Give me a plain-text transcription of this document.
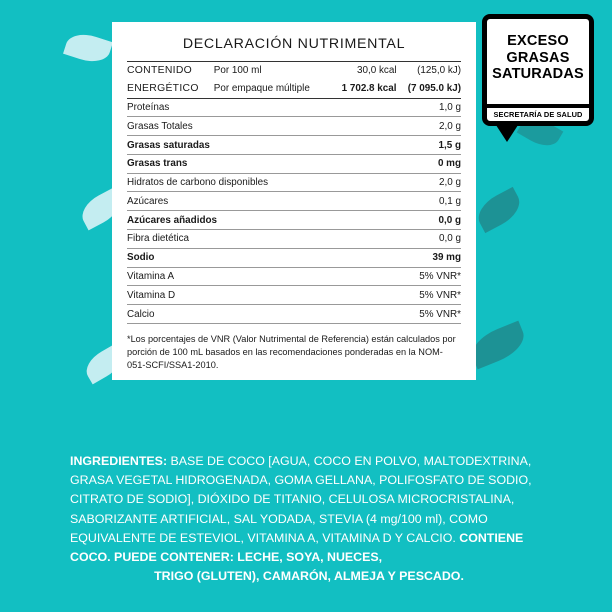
EXCESO
GRASAS
SATURADAS
SECRETARÍA DE SALUD
DECLARACIÓN NUTRIMENTAL
CONTENIDO	Por 100 ml	30,0 kcal	(125,0 kJ)
ENERGÉTICO	Por empaque múltiple	1 702.8 kcal	(7 095.0 kJ)
Proteínas			1,0 g
Grasas Totales			2,0 g
Grasas saturadas			1,5 g
Grasas trans			0 mg
Hidratos de carbono disponibles			2,0 g
Azúcares			0,1 g
Azúcares añadidos			0,0 g
Fibra dietética			0,0 g
Sodio			39 mg
Vitamina A			5% VNR*
Vitamina D			5% VNR*
Calcio			5% VNR*
*Los porcentajes de VNR (Valor Nutrimental de Referencia) están calculados por porción de 100 mL basados en las recomendaciones ponderadas en la NOM-051-SCFI/SSA1-2010.
INGREDIENTES: BASE DE COCO [AGUA, COCO EN POLVO, MALTODEXTRINA, GRASA VEGETAL HIDROGENADA, GOMA GELLANA, POLIFOSFATO DE SODIO, CITRATO DE SODIO], DIÓXIDO DE TITANIO, CELULOSA MICROCRISTALINA, SABORIZANTE ARTIFICIAL, SAL YODADA, STEVIA (4 mg/100 ml), COMO EQUIVALENTE DE ESTEVIOL, VITAMINA A, VITAMINA D Y CALCIO. CONTIENE COCO. PUEDE CONTENER: LECHE, SOYA, NUECES,
TRIGO (GLUTEN), CAMARÓN, ALMEJA Y PESCADO.
